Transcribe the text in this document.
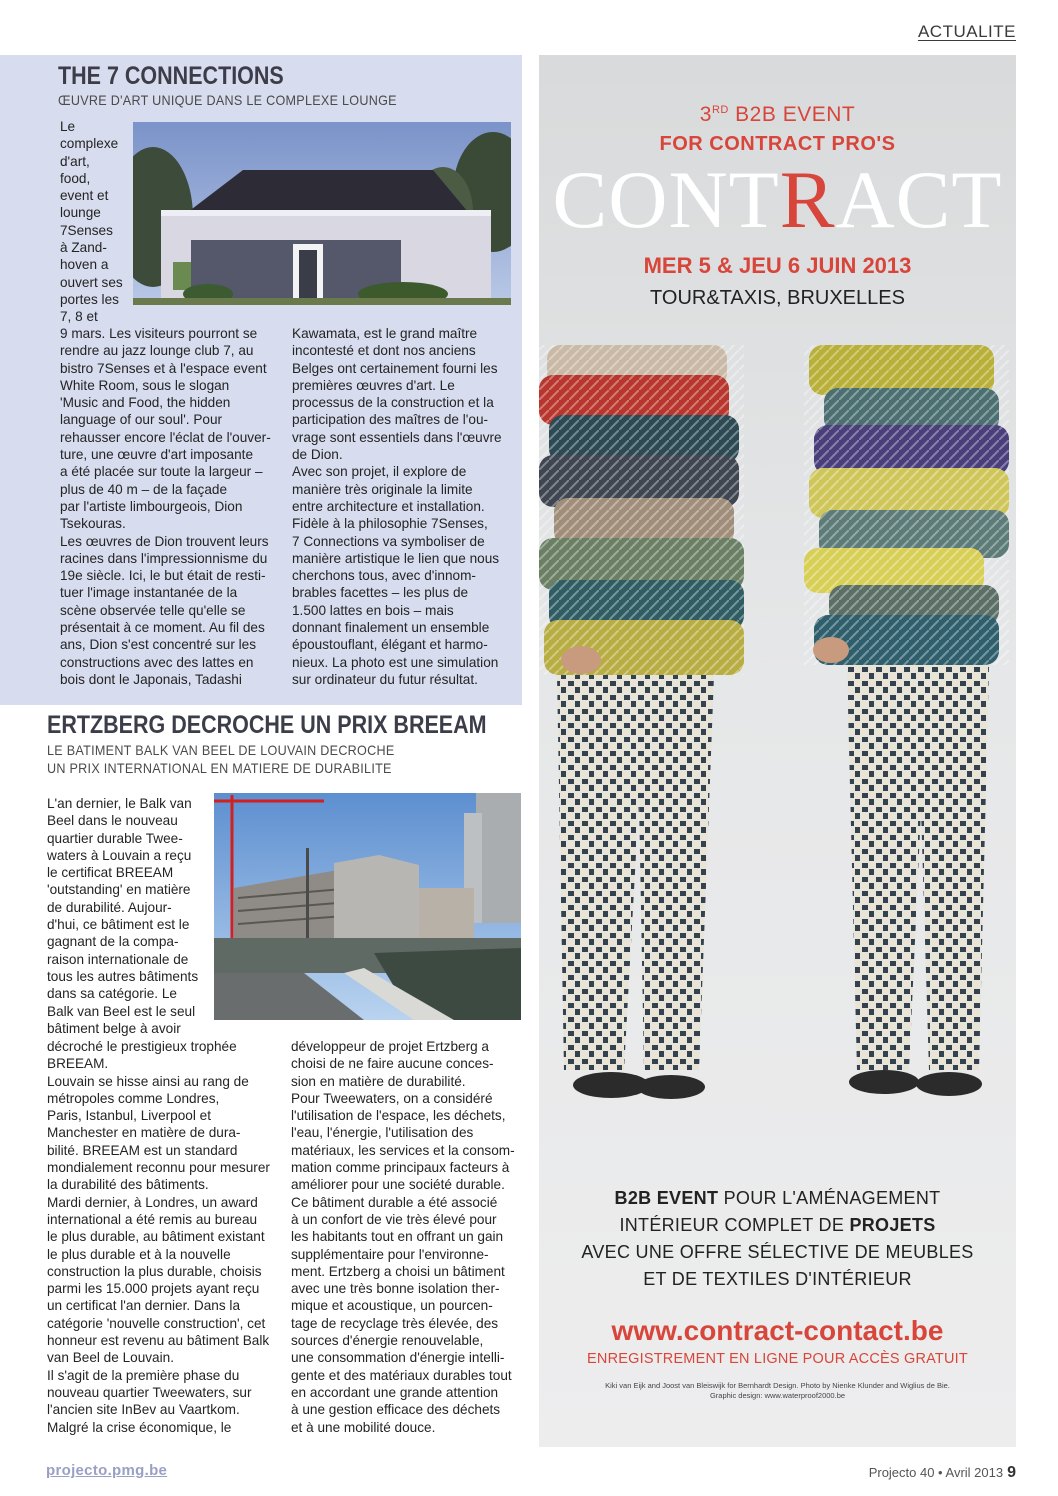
ACTUALITE
THE 7 CONNECTIONS
ŒUVRE D'ART UNIQUE DANS LE COMPLEXE LOUNGE
Le
complexe
d'art,
food,
event et
lounge
7Senses
à Zand-
hoven a
ouvert ses
portes les
7, 8 et
9 mars. Les visiteurs pourront se
rendre au jazz lounge club 7, au
bistro 7Senses et à l'espace event
White Room, sous le slogan
'Music and Food, the hidden
language of our soul'. Pour
rehausser encore l'éclat de l'ouver-
ture, une œuvre d'art imposante
a été placée sur toute la largeur –
plus de 40 m – de la façade
par l'artiste limbourgeois, Dion
Tsekouras.
Les œuvres de Dion trouvent leurs
racines dans l'impressionnisme du
19e siècle. Ici, le but était de resti-
tuer l'image instantanée de la
scène observée telle qu'elle se
présentait à ce moment. Au fil des
ans, Dion s'est concentré sur les
constructions avec des lattes en
bois dont le Japonais, Tadashi
Kawamata, est le grand maître
incontesté et dont nos anciens
Belges ont certainement fourni les
premières œuvres d'art. Le
processus de la construction et la
participation des maîtres de l'ou-
vrage sont essentiels dans l'œuvre
de Dion.
Avec son projet, il explore de
manière très originale la limite
entre architecture et installation.
Fidèle à la philosophie 7Senses,
7 Connections va symboliser de
manière artistique le lien que nous
cherchons tous, avec d'innom-
brables facettes – les plus de
1.500 lattes en bois – mais
donnant finalement un ensemble
époustouflant, élégant et harmo-
nieux. La photo est une simulation
sur ordinateur du futur résultat.
ERTZBERG DECROCHE UN PRIX BREEAM
LE BATIMENT BALK VAN BEEL DE LOUVAIN DECROCHE
UN PRIX INTERNATIONAL EN MATIERE DE DURABILITE
L'an dernier, le Balk van
Beel dans le nouveau
quartier durable Twee-
waters à Louvain a reçu
le certificat BREEAM
'outstanding' en matière
de durabilité. Aujour-
d'hui, ce bâtiment est le
gagnant de la compa-
raison internationale de
tous les autres bâtiments
dans sa catégorie. Le
Balk van Beel est le seul
bâtiment belge à avoir
décroché le prestigieux trophée
BREEAM.
Louvain se hisse ainsi au rang de
métropoles comme Londres,
Paris, Istanbul, Liverpool et
Manchester en matière de dura-
bilité. BREEAM est un standard
mondialement reconnu pour mesurer
la durabilité des bâtiments.
Mardi dernier, à Londres, un award
international a été remis au bureau
le plus durable, au bâtiment existant
le plus durable et à la nouvelle
construction la plus durable, choisis
parmi les 15.000 projets ayant reçu
un certificat l'an dernier. Dans la
catégorie 'nouvelle construction', cet
honneur est revenu au bâtiment Balk
van Beel de Louvain.
Il s'agit de la première phase du
nouveau quartier Tweewaters, sur
l'ancien site InBev au Vaartkom.
Malgré la crise économique, le
développeur de projet Ertzberg a
choisi de ne faire aucune conces-
sion en matière de durabilité.
Pour Tweewaters, on a considéré
l'utilisation de l'espace, les déchets,
l'eau, l'énergie, l'utilisation des
matériaux, les services et la consom-
mation comme principaux facteurs à
améliorer pour une société durable.
Ce bâtiment durable a été associé
à un confort de vie très élevé pour
les habitants tout en offrant un gain
supplémentaire pour l'environne-
ment. Ertzberg a choisi un bâtiment
avec une très bonne isolation ther-
mique et acoustique, un pourcen-
tage de recyclage très élevée, des
sources d'énergie renouvelable,
une consommation d'énergie intelli-
gente et des matériaux durables tout
en accordant une grande attention
à une gestion efficace des déchets
et à une mobilité douce.
3RD B2B EVENT
FOR CONTRACT PRO'S
CONTRACT
MER 5 & JEU 6 JUIN 2013
TOUR&TAXIS, BRUXELLES
B2B EVENT POUR L'AMÉNAGEMENT
INTÉRIEUR COMPLET DE PROJETS
AVEC UNE OFFRE SÉLECTIVE DE MEUBLES
ET DE TEXTILES D'INTÉRIEUR
www.contract-contact.be
ENREGISTREMENT EN LIGNE POUR ACCÈS GRATUIT
Kiki van Eijk and Joost van Bleiswijk for Bernhardt Design. Photo by Nienke Klunder and Wiglius de Bie.
Graphic design: www.waterproof2000.be
projecto.pmg.be	Projecto 40 • Avril 2013 9
